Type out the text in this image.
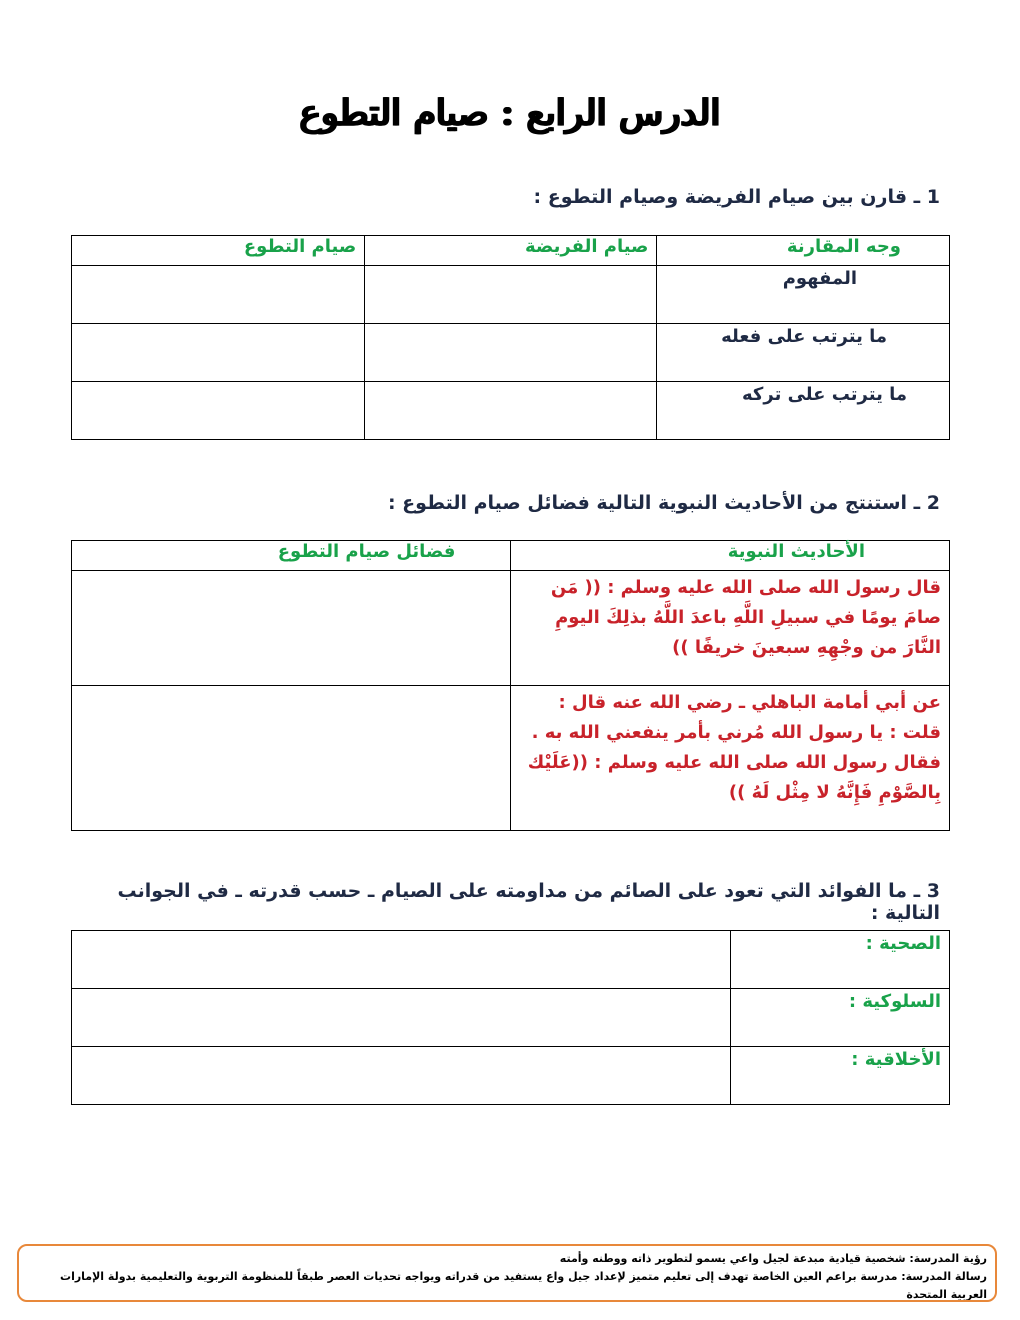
الدرس الرابع : صيام التطوع
1 ـ قارن بين صيام الفريضة وصيام التطوع :
وجه المقارنة	صيام الفريضة	صيام التطوع

المفهوم		

ما يترتب على فعله		

ما يترتب على تركه		

2 ـ استنتج من الأحاديث النبوية التالية فضائل صيام التطوع :
الأحاديث النبوية	فضائل صيام التطوع

قال رسول الله صلى الله عليه وسلم : (( مَن صامَ يومًا في سبيلِ اللَّهِ باعدَ اللَّهُ بذلِكَ اليومِ النَّارَ من وجْهِهِ سبعينَ خريفًا ))	

عن أبي أمامة الباهلي ـ رضي الله عنه قال : قلت : يا رسول الله مُرني بأمر ينفعني الله به . فقال رسول الله صلى الله عليه وسلم : ((عَلَيْك بِالصَّوْمِ فَإِنَّهُ لا مِثْل لَهُ ))	

3 ـ ما الفوائد التي تعود على الصائم من مداومته على الصيام ـ حسب قدرته ـ في الجوانب التالية :
الصحية :	

السلوكية :	

الأخلاقية :	

رؤية المدرسة: شخصية قيادية مبدعة لجيل واعي يسمو لتطوير ذاته ووطنه وأمته
رسالة المدرسة: مدرسة براعم العين الخاصة تهدف إلى تعليم متميز لإعداد جيل واع يستفيد من قدراته ويواجه تحديات العصر طبقاً للمنظومة التربوية والتعليمية بدولة الإمارات العربية المتحدة
